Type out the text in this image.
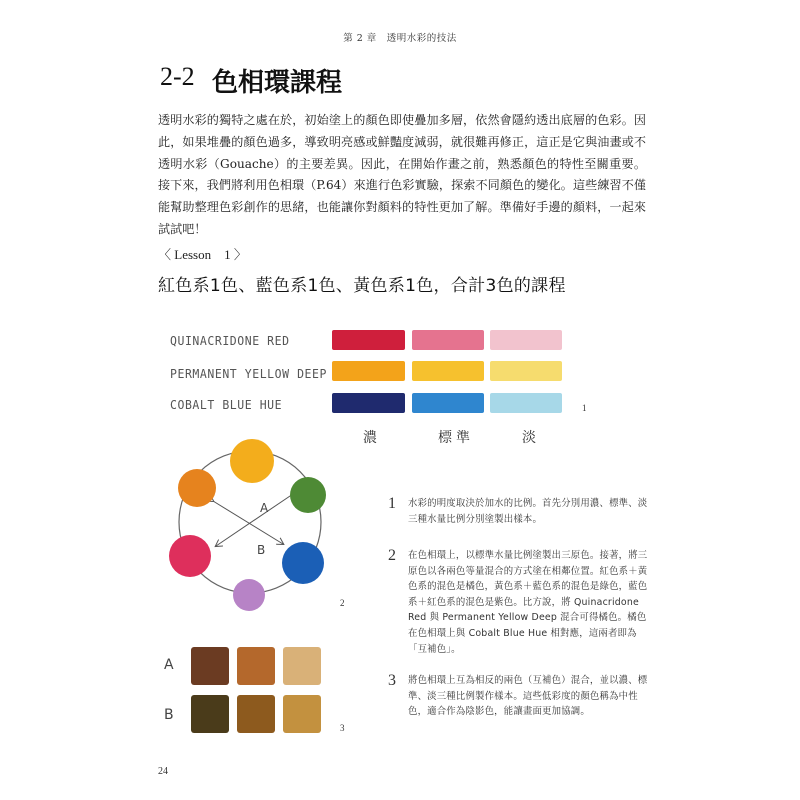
第 2 章　透明水彩的技法
2-2 色相環課程
透明水彩的獨特之處在於，初始塗上的顏色即使疊加多層，依然會隱約透出底層的色彩。因此，如果堆疊的顏色過多，導致明亮感或鮮豔度減弱，就很難再修正，這正是它與油畫或不透明水彩（Gouache）的主要差異。因此，在開始作畫之前，熟悉顏色的特性至關重要。接下來，我們將利用色相環（P.64）來進行色彩實驗，探索不同顏色的變化。這些練習不僅能幫助整理色彩創作的思緒，也能讓你對顏料的特性更加了解。準備好手邊的顏料，一起來試試吧！
〈 Lesson　1 〉
紅色系1色、藍色系1色、黃色系1色，合計3色的課程
QUINACRIDONE RED
PERMANENT YELLOW DEEP
COBALT BLUE HUE	1
濃	標準	淡
A
B
2
A
B
3
1 水彩的明度取決於加水的比例。首先分別用濃、標準、淡三種水量比例分別塗製出樣本。
2 在色相環上，以標準水量比例塗製出三原色。接著，將三原色以各兩色等量混合的方式塗在相鄰位置。紅色系＋黃色系的混色是橘色，黃色系＋藍色系的混色是綠色，藍色系＋紅色系的混色是紫色。比方說，將 Quinacridone Red 與 Permanent Yellow Deep 混合可得橘色。橘色在色相環上與 Cobalt Blue Hue 相對應，這兩者即為「互補色」。
3 將色相環上互為相反的兩色（互補色）混合，並以濃、標準、淡三種比例製作樣本。這些低彩度的顏色稱為中性色，適合作為陰影色，能讓畫面更加協調。
24
